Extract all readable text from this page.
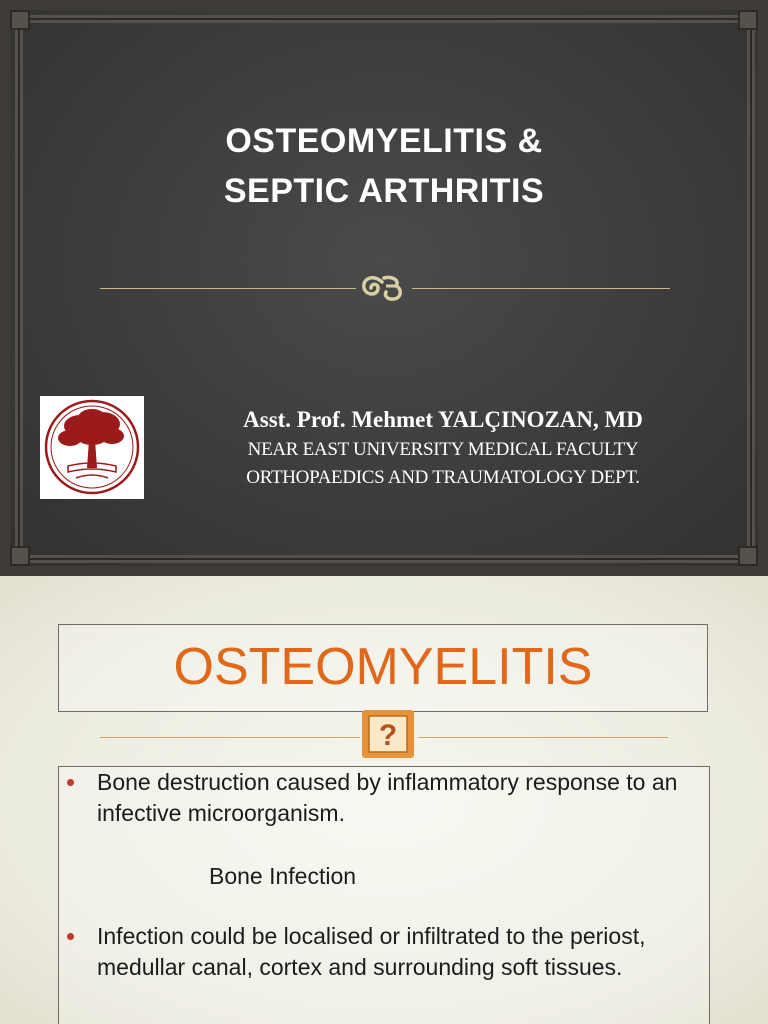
OSTEOMYELITIS &
SEPTIC ARTHRITIS
Asst. Prof. Mehmet YALÇINOZAN, MD
NEAR EAST UNIVERSITY MEDICAL FACULTY
ORTHOPAEDICS AND TRAUMATOLOGY DEPT.
OSTEOMYELITIS
?
Bone destruction caused by inflammatory response to an infective microorganism.
Bone Infection
Infection could be localised or infiltrated to the periost, medullar canal, cortex and surrounding soft tissues.
